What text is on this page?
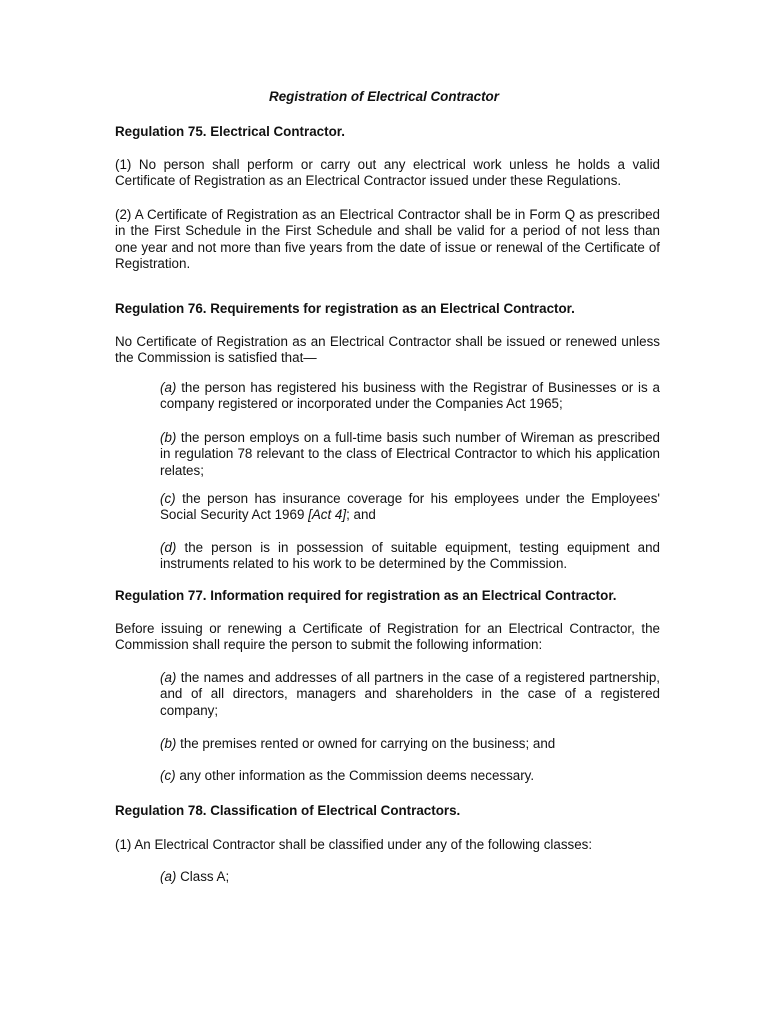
Registration of Electrical Contractor
Regulation 75. Electrical Contractor.
(1) No person shall perform or carry out any electrical work unless he holds a valid Certificate of Registration as an Electrical Contractor issued under these Regulations.
(2) A Certificate of Registration as an Electrical Contractor shall be in Form Q as prescribed in the First Schedule in the First Schedule and shall be valid for a period of not less than one year and not more than five years from the date of issue or renewal of the Certificate of Registration.
Regulation 76. Requirements for registration as an Electrical Contractor.
No Certificate of Registration as an Electrical Contractor shall be issued or renewed unless the Commission is satisfied that—
(a) the person has registered his business with the Registrar of Businesses or is a company registered or incorporated under the Companies Act 1965;
(b) the person employs on a full-time basis such number of Wireman as prescribed in regulation 78 relevant to the class of Electrical Contractor to which his application relates;
(c) the person has insurance coverage for his employees under the Employees' Social Security Act 1969 [Act 4]; and
(d) the person is in possession of suitable equipment, testing equipment and instruments related to his work to be determined by the Commission.
Regulation 77. Information required for registration as an Electrical Contractor.
Before issuing or renewing a Certificate of Registration for an Electrical Contractor, the Commission shall require the person to submit the following information:
(a) the names and addresses of all partners in the case of a registered partnership, and of all directors, managers and shareholders in the case of a registered company;
(b) the premises rented or owned for carrying on the business; and
(c) any other information as the Commission deems necessary.
Regulation 78. Classification of Electrical Contractors.
(1) An Electrical Contractor shall be classified under any of the following classes:
(a) Class A;
